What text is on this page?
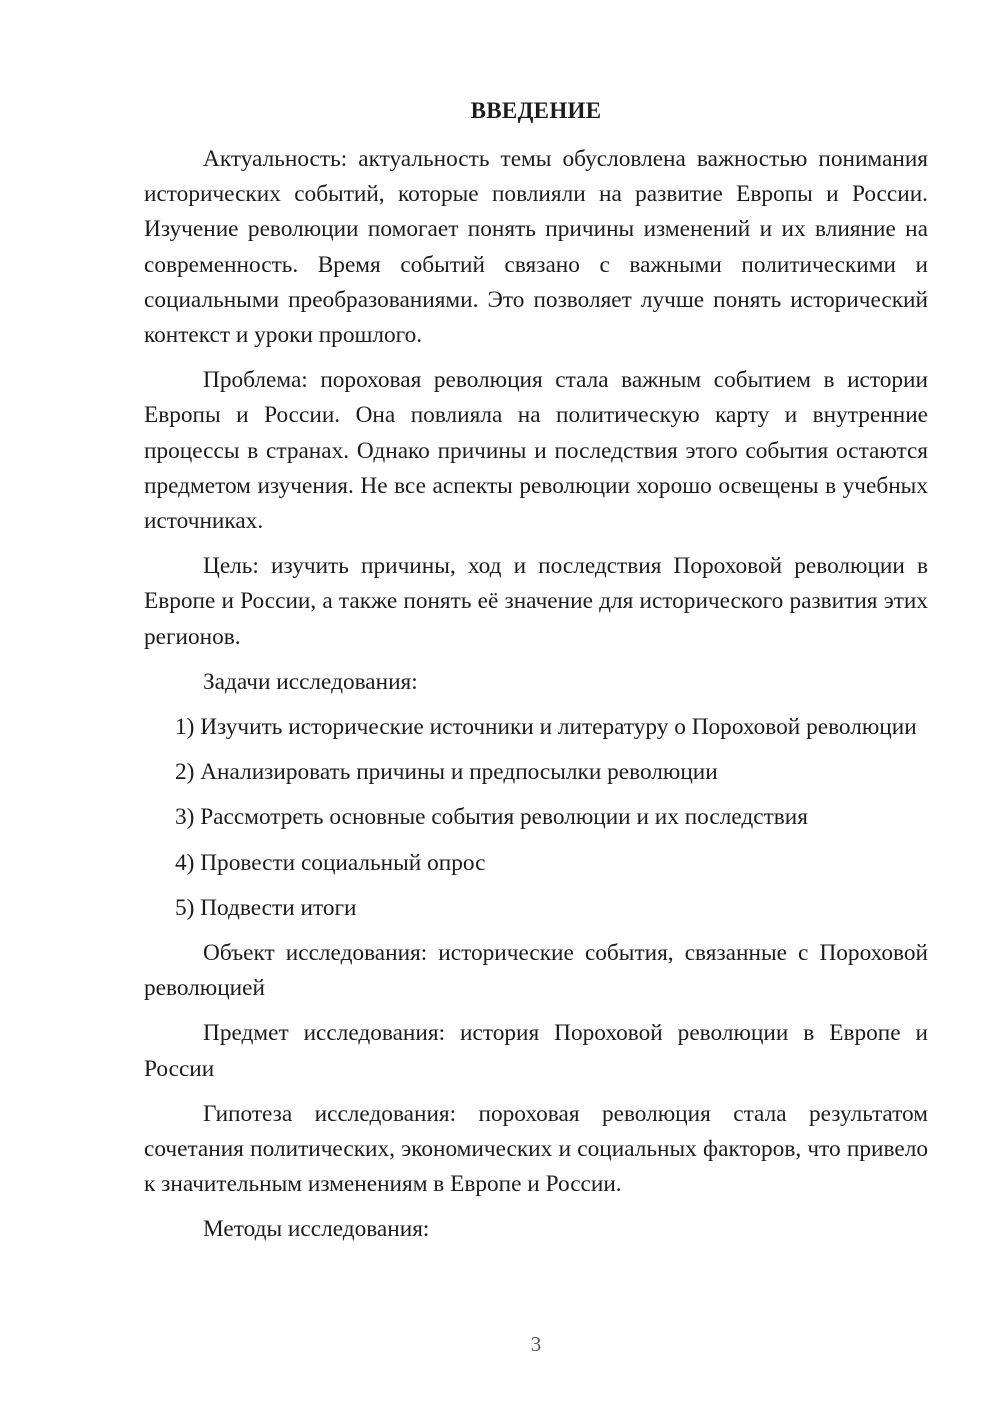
ВВЕДЕНИЕ

Актуальность: актуальность темы обусловлена важностью понимания исторических событий, которые повлияли на развитие Европы и России. Изучение революции помогает понять причины изменений и их влияние на современность. Время событий связано с важными политическими и социальными преобразованиями. Это позволяет лучше понять исторический контекст и уроки прошлого.

Проблема: пороховая революция стала важным событием в истории Европы и России. Она повлияла на политическую карту и внутренние процессы в странах. Однако причины и последствия этого события остаются предметом изучения. Не все аспекты революции хорошо освещены в учебных источниках.

Цель: изучить причины, ход и последствия Пороховой революции в Европе и России, а также понять её значение для исторического развития этих регионов.

Задачи исследования:

1) Изучить исторические источники и литературу о Пороховой революции

2) Анализировать причины и предпосылки революции

3) Рассмотреть основные события революции и их последствия

4) Провести социальный опрос

5) Подвести итоги

Объект исследования: исторические события, связанные с Пороховой революцией

Предмет исследования: история Пороховой революции в Европе и России

Гипотеза исследования: пороховая революция стала результатом сочетания политических, экономических и социальных факторов, что привело к значительным изменениям в Европе и России.

Методы исследования:

3
